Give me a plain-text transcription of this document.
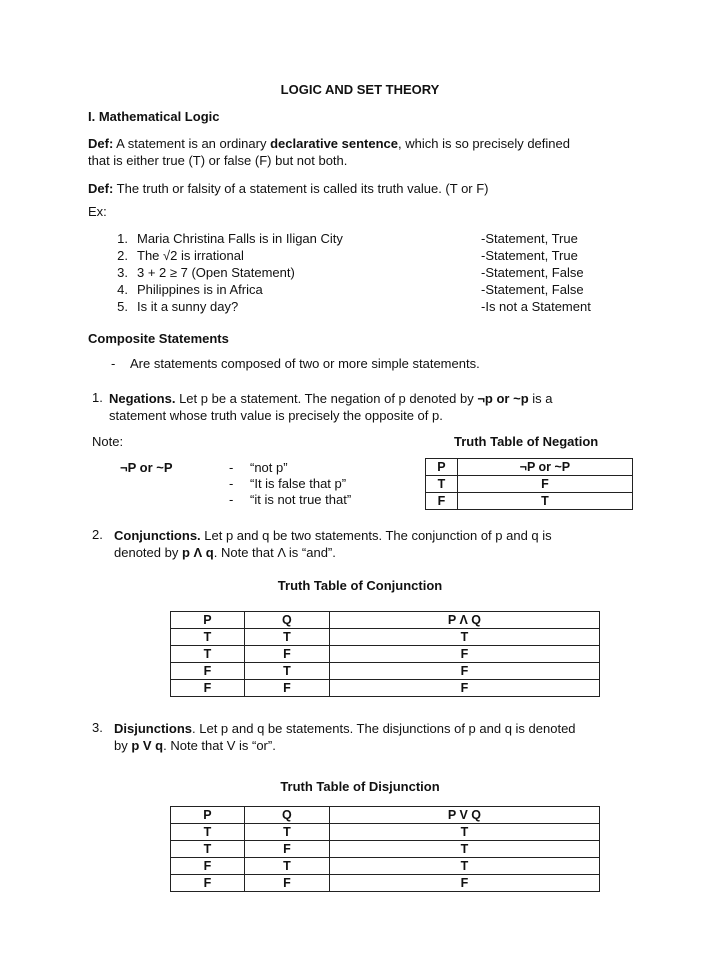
LOGIC AND SET THEORY
I. Mathematical Logic
Def: A statement is an ordinary declarative sentence, which is so precisely defined
that is either true (T) or false (F) but not both.
Def: The truth or falsity of a statement is called its truth value. (T or F)
Ex:
1. Maria Christina Falls is in Iligan City	-Statement, True
2. The √2 is irrational	-Statement, True
3. 3 + 2 ≥ 7 (Open Statement)	-Statement, False
4. Philippines is in Africa	-Statement, False
5. Is it a sunny day?	-Is not a Statement
Composite Statements
- Are statements composed of two or more simple statements.
1. Negations. Let p be a statement. The negation of p denoted by ¬p or ~p is a
statement whose truth value is precisely the opposite of p.
Note:	Truth Table of Negation
¬P or ~P	- “not p”
- “It is false that p”
- “it is not true that”
P	¬P or ~P
T	F
F	T
2. Conjunctions. Let p and q be two statements. The conjunction of p and q is
denoted by p Λ q. Note that Λ is “and”.
Truth Table of Conjunction
P	Q	P Λ Q
T	T	T
T	F	F
F	T	F
F	F	F
3. Disjunctions. Let p and q be statements. The disjunctions of p and q is denoted
by p V q. Note that V is “or”.
Truth Table of Disjunction
P	Q	P V Q
T	T	T
T	F	T
F	T	T
F	F	F
